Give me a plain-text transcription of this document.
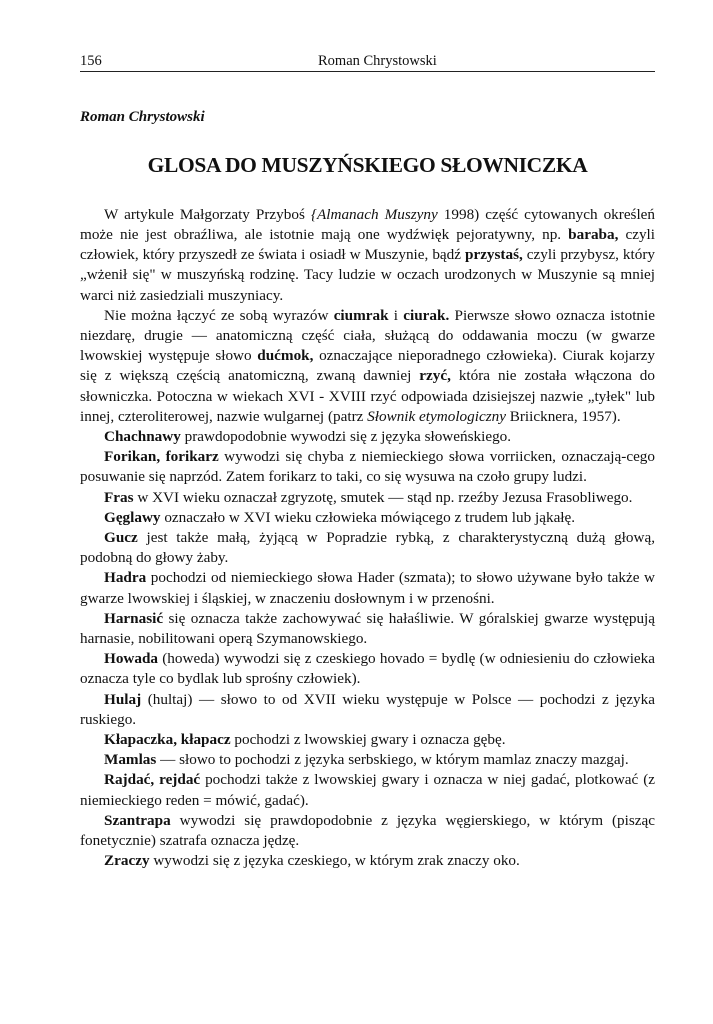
156	Roman Chrystowski
Roman Chrystowski
GLOSA DO MUSZYŃSKIEGO SŁOWNICZKA

W artykule Małgorzaty Przyboś {Almanach Muszyny 1998) część cytowanych określeń może nie jest obraźliwa, ale istotnie mają one wydźwięk pejoratywny, np. baraba, czyli człowiek, który przyszedł ze świata i osiadł w Muszynie, bądź przystaś, czyli przybysz, który „wżenił się" w muszyńską rodzinę. Tacy ludzie w oczach urodzonych w Muszynie są mniej warci niż zasiedziali muszyniacy.

Nie można łączyć ze sobą wyrazów ciumrak i ciurak. Pierwsze słowo oznacza istotnie niezdarę, drugie — anatomiczną część ciała, służącą do oddawania moczu (w gwarze lwowskiej występuje słowo dućmok, oznaczające nieporadnego człowieka). Ciurak kojarzy się z większą częścią anatomiczną, zwaną dawniej rzyć, która nie została włączona do słowniczka. Potoczna w wiekach XVI - XVIII rzyć odpowiada dzisiejszej nazwie „tyłek" lub innej, czteroliterowej, nazwie wulgarnej (patrz Słownik etymologiczny Briicknera, 1957).

Chachnawy prawdopodobnie wywodzi się z języka słoweńskiego.

Forikan, forikarz wywodzi się chyba z niemieckiego słowa vorriicken, oznaczają-cego posuwanie się naprzód. Zatem forikarz to taki, co się wysuwa na czoło grupy ludzi.

Fras w XVI wieku oznaczał zgryzotę, smutek — stąd np. rzeźby Jezusa Frasobliwego.

Gęglawy oznaczało w XVI wieku człowieka mówiącego z trudem lub jąkałę.

Gucz jest także małą, żyjącą w Popradzie rybką, z charakterystyczną dużą głową, podobną do głowy żaby.

Hadra pochodzi od niemieckiego słowa Hader (szmata); to słowo używane było także w gwarze lwowskiej i śląskiej, w znaczeniu dosłownym i w przenośni.

Harnasić się oznacza także zachowywać się hałaśliwie. W góralskiej gwarze występują harnasie, nobilitowani operą Szymanowskiego.

Howada (howeda) wywodzi się z czeskiego hovado = bydlę (w odniesieniu do człowieka oznacza tyle co bydlak lub sprośny człowiek).

Hulaj (hultaj) — słowo to od XVII wieku występuje w Polsce — pochodzi z języka ruskiego.

Kłapaczka, kłapacz pochodzi z lwowskiej gwary i oznacza gębę.

Mamlas — słowo to pochodzi z języka serbskiego, w którym mamlaz znaczy mazgaj.

Rajdać, rejdać pochodzi także z lwowskiej gwary i oznacza w niej gadać, plotkować (z niemieckiego reden = mówić, gadać).

Szantrapa wywodzi się prawdopodobnie z języka węgierskiego, w którym (pisząc fonetycznie) szatrafa oznacza jędzę.

Zraczy wywodzi się z języka czeskiego, w którym zrak znaczy oko.
